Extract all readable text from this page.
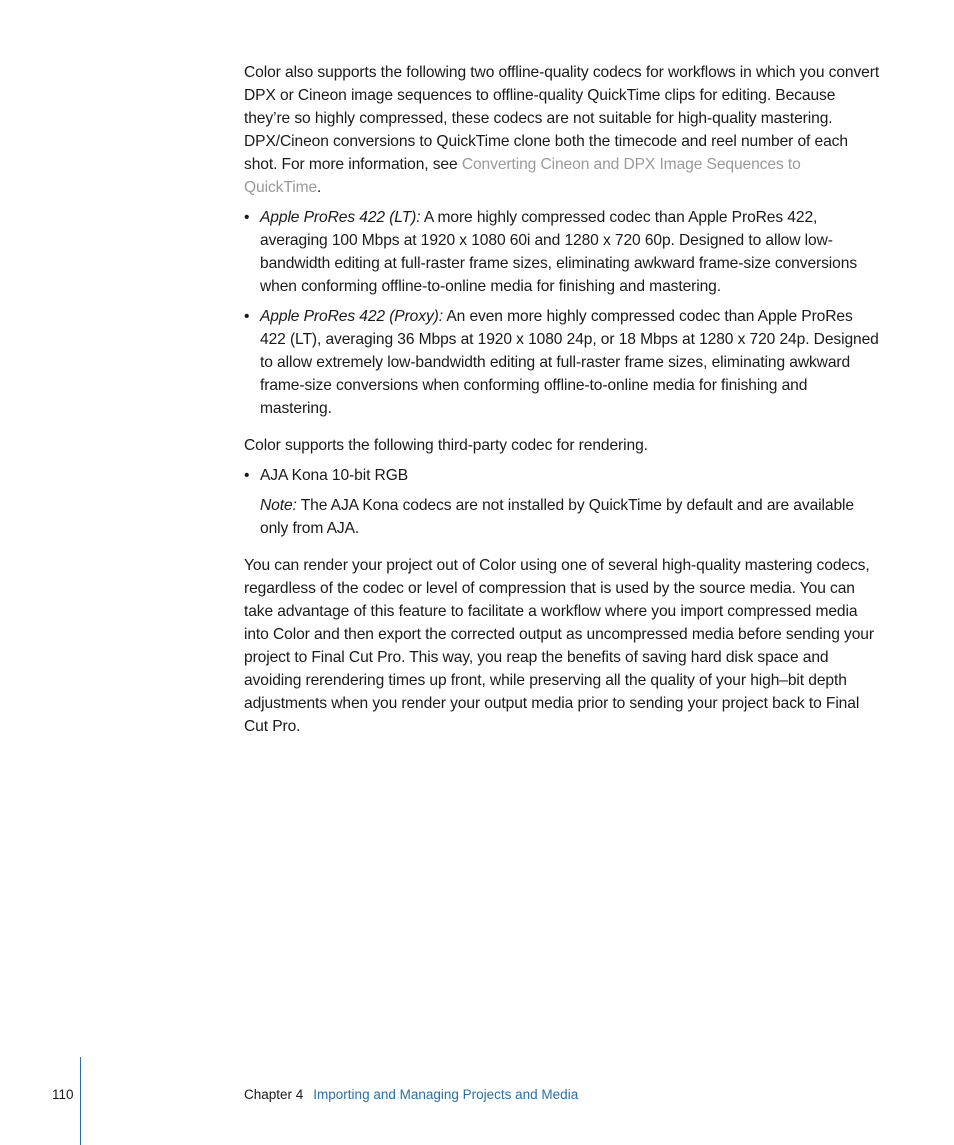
Color also supports the following two offline-quality codecs for workflows in which you convert DPX or Cineon image sequences to offline-quality QuickTime clips for editing. Because they’re so highly compressed, these codecs are not suitable for high-quality mastering. DPX/Cineon conversions to QuickTime clone both the timecode and reel number of each shot. For more information, see Converting Cineon and DPX Image Sequences to QuickTime.

• Apple ProRes 422 (LT): A more highly compressed codec than Apple ProRes 422, averaging 100 Mbps at 1920 x 1080 60i and 1280 x 720 60p. Designed to allow low-bandwidth editing at full-raster frame sizes, eliminating awkward frame-size conversions when conforming offline-to-online media for finishing and mastering.
• Apple ProRes 422 (Proxy): An even more highly compressed codec than Apple ProRes 422 (LT), averaging 36 Mbps at 1920 x 1080 24p, or 18 Mbps at 1280 x 720 24p. Designed to allow extremely low-bandwidth editing at full-raster frame sizes, eliminating awkward frame-size conversions when conforming offline-to-online media for finishing and mastering.

Color supports the following third-party codec for rendering.

• AJA Kona 10-bit RGB

Note: The AJA Kona codecs are not installed by QuickTime by default and are available only from AJA.

You can render your project out of Color using one of several high-quality mastering codecs, regardless of the codec or level of compression that is used by the source media. You can take advantage of this feature to facilitate a workflow where you import compressed media into Color and then export the corrected output as uncompressed media before sending your project to Final Cut Pro. This way, you reap the benefits of saving hard disk space and avoiding rerendering times up front, while preserving all the quality of your high–bit depth adjustments when you render your output media prior to sending your project back to Final Cut Pro.

110	Chapter 4 Importing and Managing Projects and Media
